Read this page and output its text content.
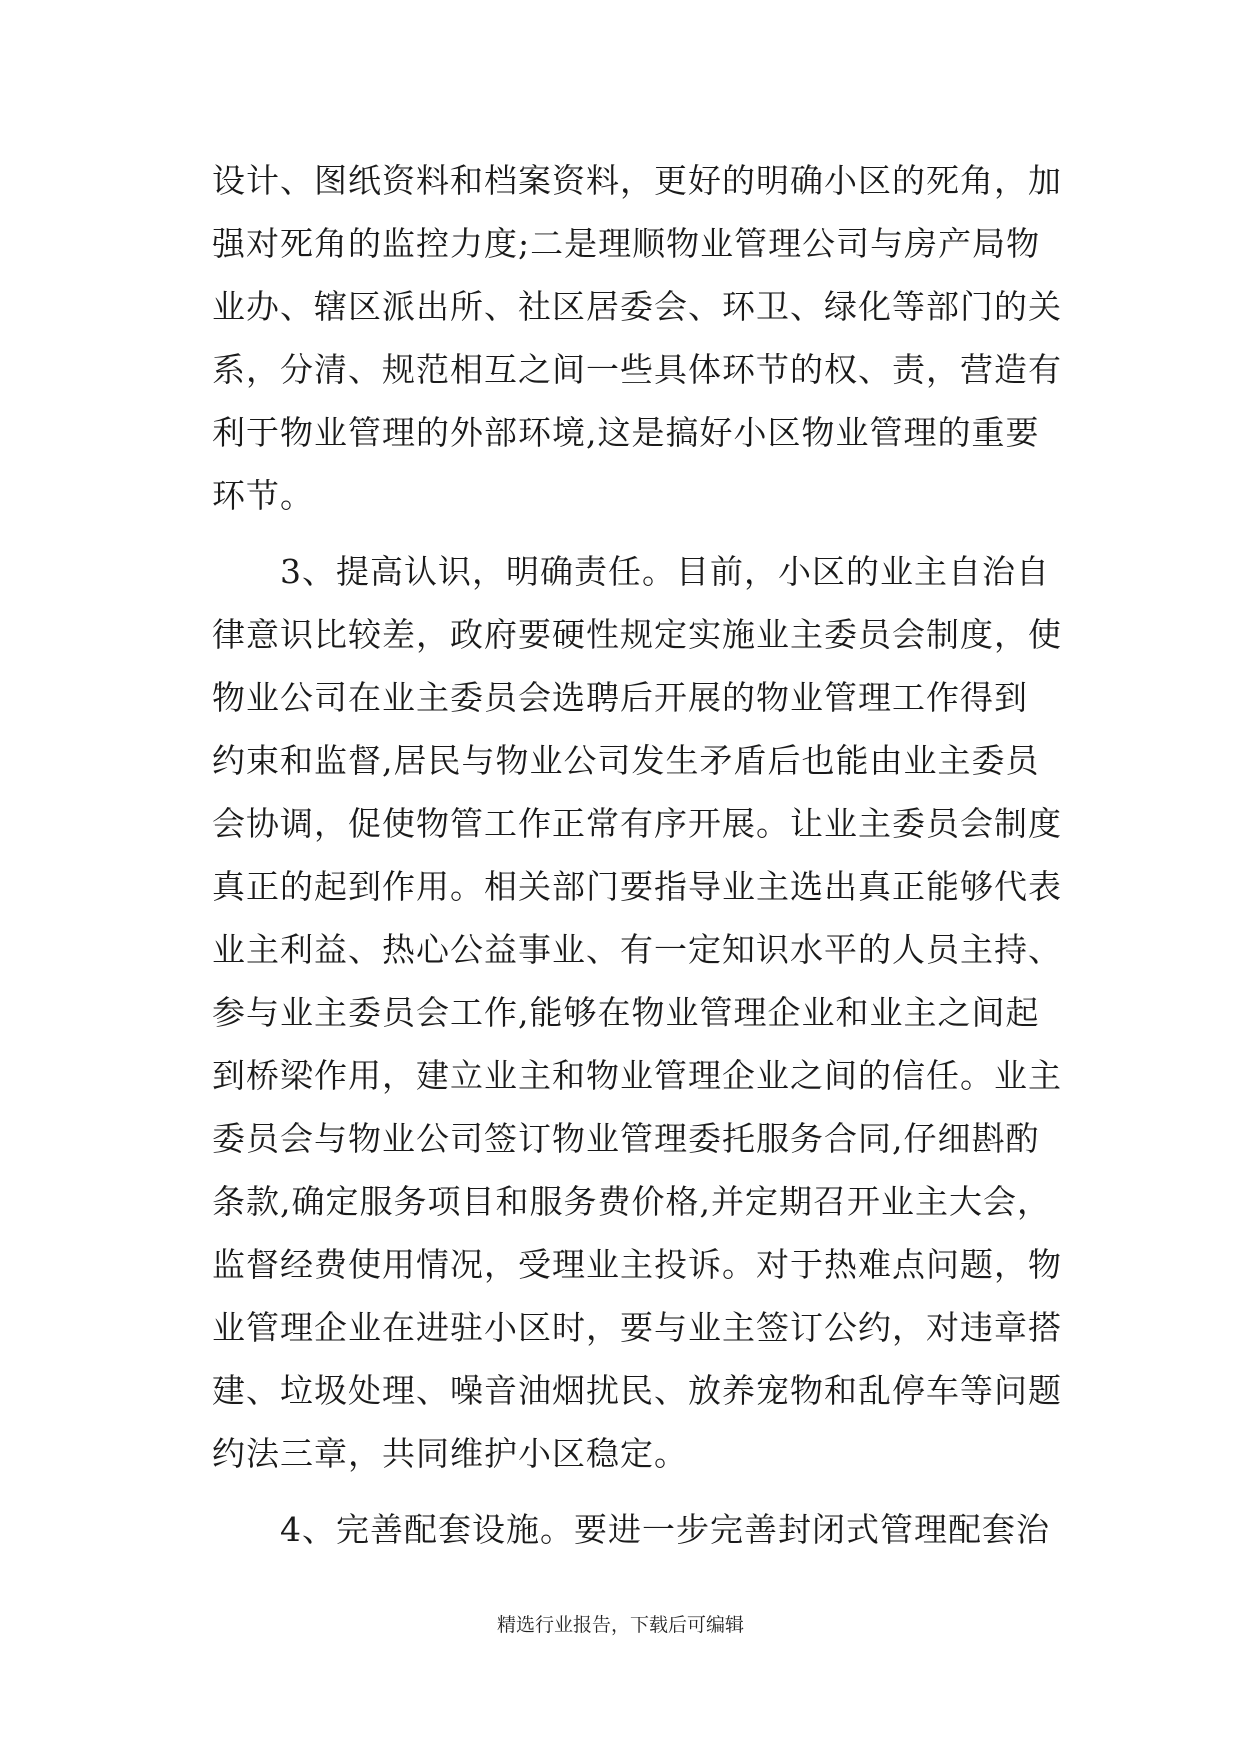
设计、图纸资料和档案资料，更好的明确小区的死角，加
强对死角的监控力度;二是理顺物业管理公司与房产局物
业办、辖区派出所、社区居委会、环卫、绿化等部门的关
系，分清、规范相互之间一些具体环节的权、责，营造有
利于物业管理的外部环境,这是搞好小区物业管理的重要
环节。
　　3、提高认识，明确责任。目前，小区的业主自治自
律意识比较差，政府要硬性规定实施业主委员会制度，使
物业公司在业主委员会选聘后开展的物业管理工作得到
约束和监督,居民与物业公司发生矛盾后也能由业主委员
会协调，促使物管工作正常有序开展。让业主委员会制度
真正的起到作用。相关部门要指导业主选出真正能够代表
业主利益、热心公益事业、有一定知识水平的人员主持、
参与业主委员会工作,能够在物业管理企业和业主之间起
到桥梁作用，建立业主和物业管理企业之间的信任。业主
委员会与物业公司签订物业管理委托服务合同,仔细斟酌
条款,确定服务项目和服务费价格,并定期召开业主大会，
监督经费使用情况，受理业主投诉。对于热难点问题，物
业管理企业在进驻小区时，要与业主签订公约，对违章搭
建、垃圾处理、噪音油烟扰民、放养宠物和乱停车等问题
约法三章，共同维护小区稳定。
　　4、完善配套设施。要进一步完善封闭式管理配套治
精选行业报告，下载后可编辑
